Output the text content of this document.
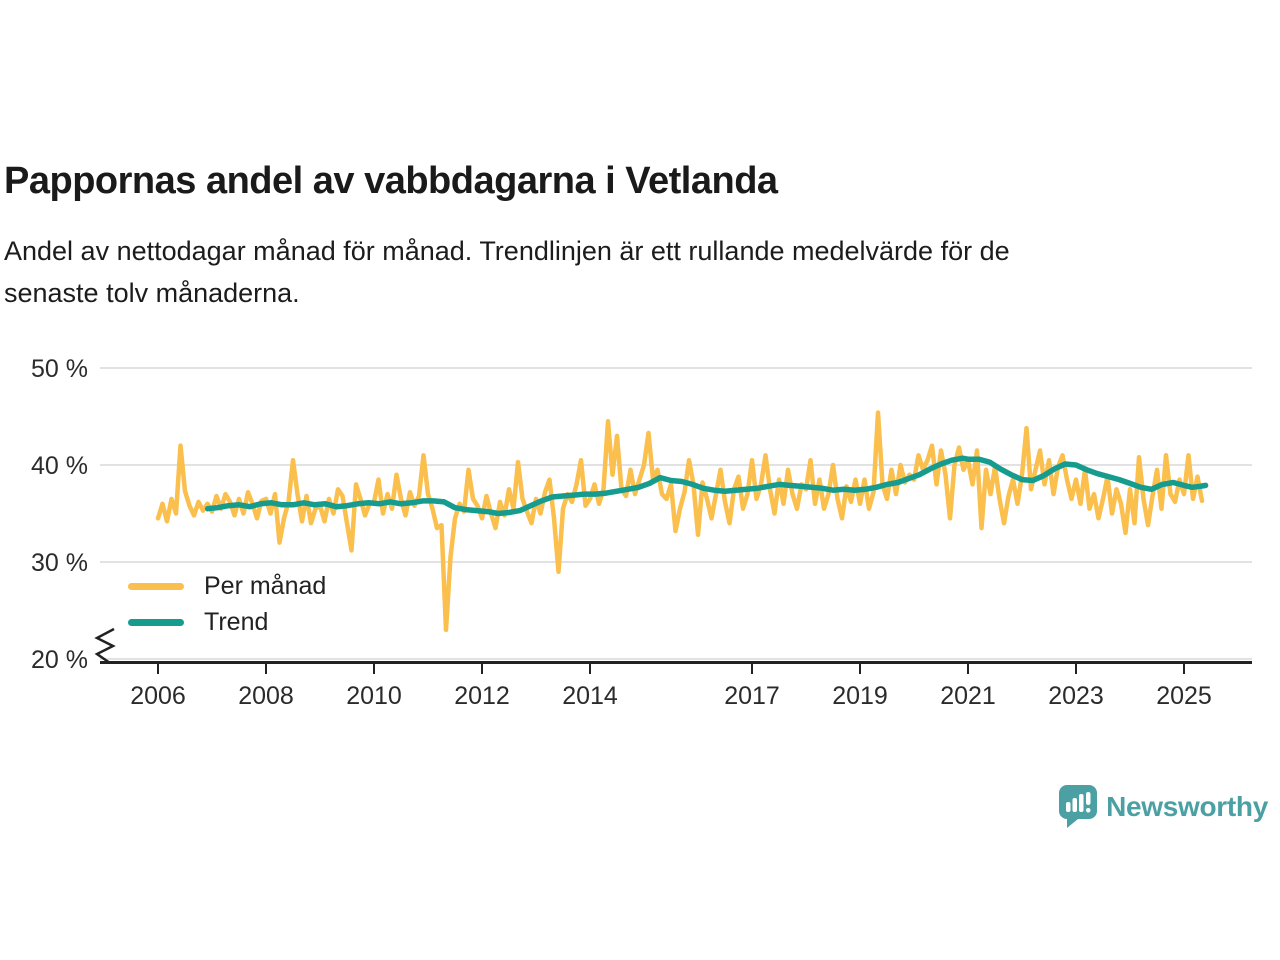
Pappornas andel av vabbdagarna i Vetlanda
Andel av nettodagar månad för månad. Trendlinjen är ett rullande medelvärde för de
senaste tolv månaderna.
50 %
40 %
30 %
20 %
2006 2008 2010 2012 2014	2017 2019 2021 2023 2025
Per månad
Trend
Newsworthy
